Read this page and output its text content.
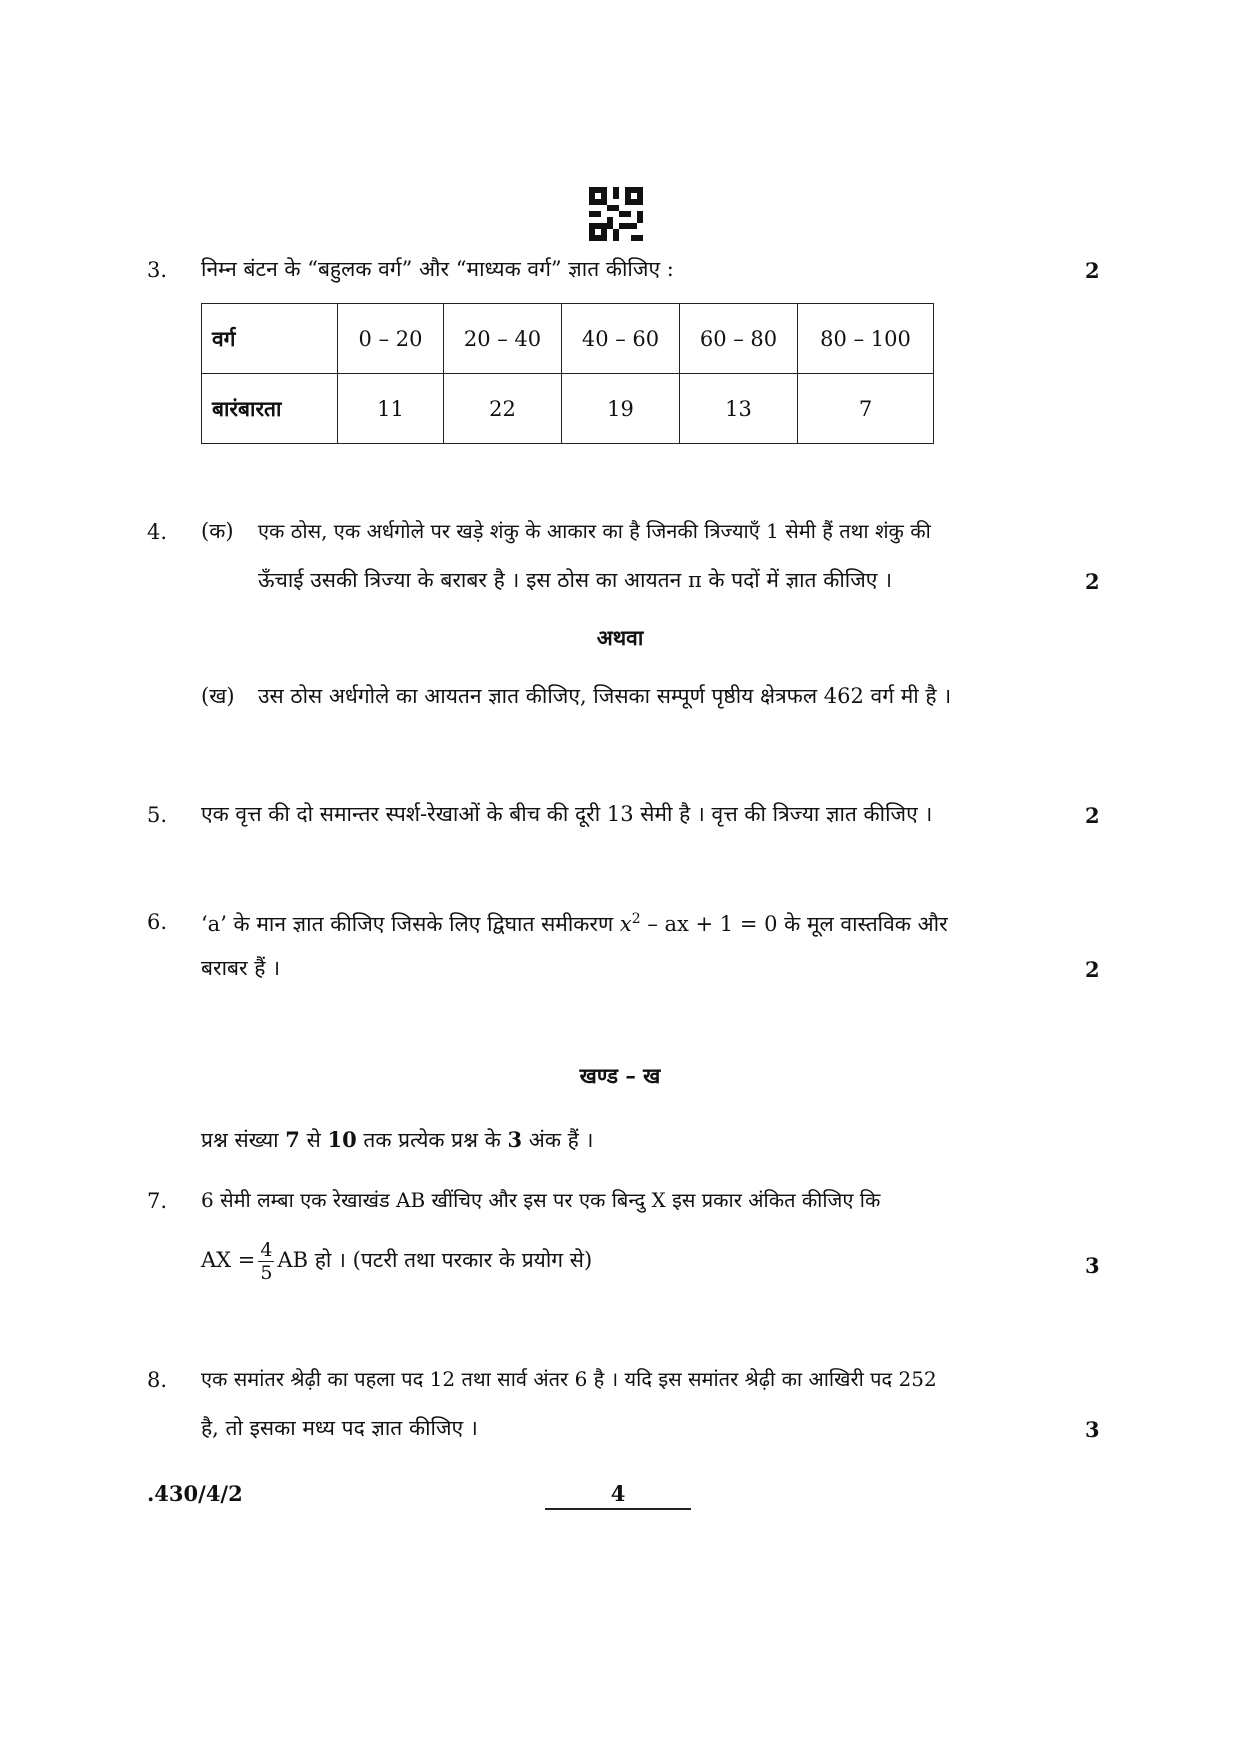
3. निम्न बंटन के “बहुलक वर्ग” और “माध्यक वर्ग” ज्ञात कीजिए :	2
वर्ग	0 – 20	20 – 40	40 – 60	60 – 80	80 – 100
बारंबारता	11	22	19	13	7
4. (क) एक ठोस, एक अर्धगोले पर खड़े शंकु के आकार का है जिनकी त्रिज्याएँ 1 सेमी हैं तथा शंकु की
ऊँचाई उसकी त्रिज्या के बराबर है । इस ठोस का आयतन π के पदों में ज्ञात कीजिए ।	2
अथवा
(ख) उस ठोस अर्धगोले का आयतन ज्ञात कीजिए, जिसका सम्पूर्ण पृष्ठीय क्षेत्रफल 462 वर्ग मी है ।
5. एक वृत्त की दो समान्तर स्पर्श-रेखाओं के बीच की दूरी 13 सेमी है । वृत्त की त्रिज्या ज्ञात कीजिए ।	2
6. ‘a’ के मान ज्ञात कीजिए जिसके लिए द्विघात समीकरण $x^2$ – ax + 1 = 0 के मूल वास्तविक और
बराबर हैं ।	2
खण्ड – ख
प्रश्न संख्या 7 से 10 तक प्रत्येक प्रश्न के 3 अंक हैं ।
7. 6 सेमी लम्बा एक रेखाखंड AB खींचिए और इस पर एक बिन्दु X इस प्रकार अंकित कीजिए कि
AX = $\frac{4}{5}$ AB हो । (पटरी तथा परकार के प्रयोग से)	3
8. एक समांतर श्रेढ़ी का पहला पद 12 तथा सार्व अंतर 6 है । यदि इस समांतर श्रेढ़ी का आखिरी पद 252
है, तो इसका मध्य पद ज्ञात कीजिए ।	3
.430/4/2	4
